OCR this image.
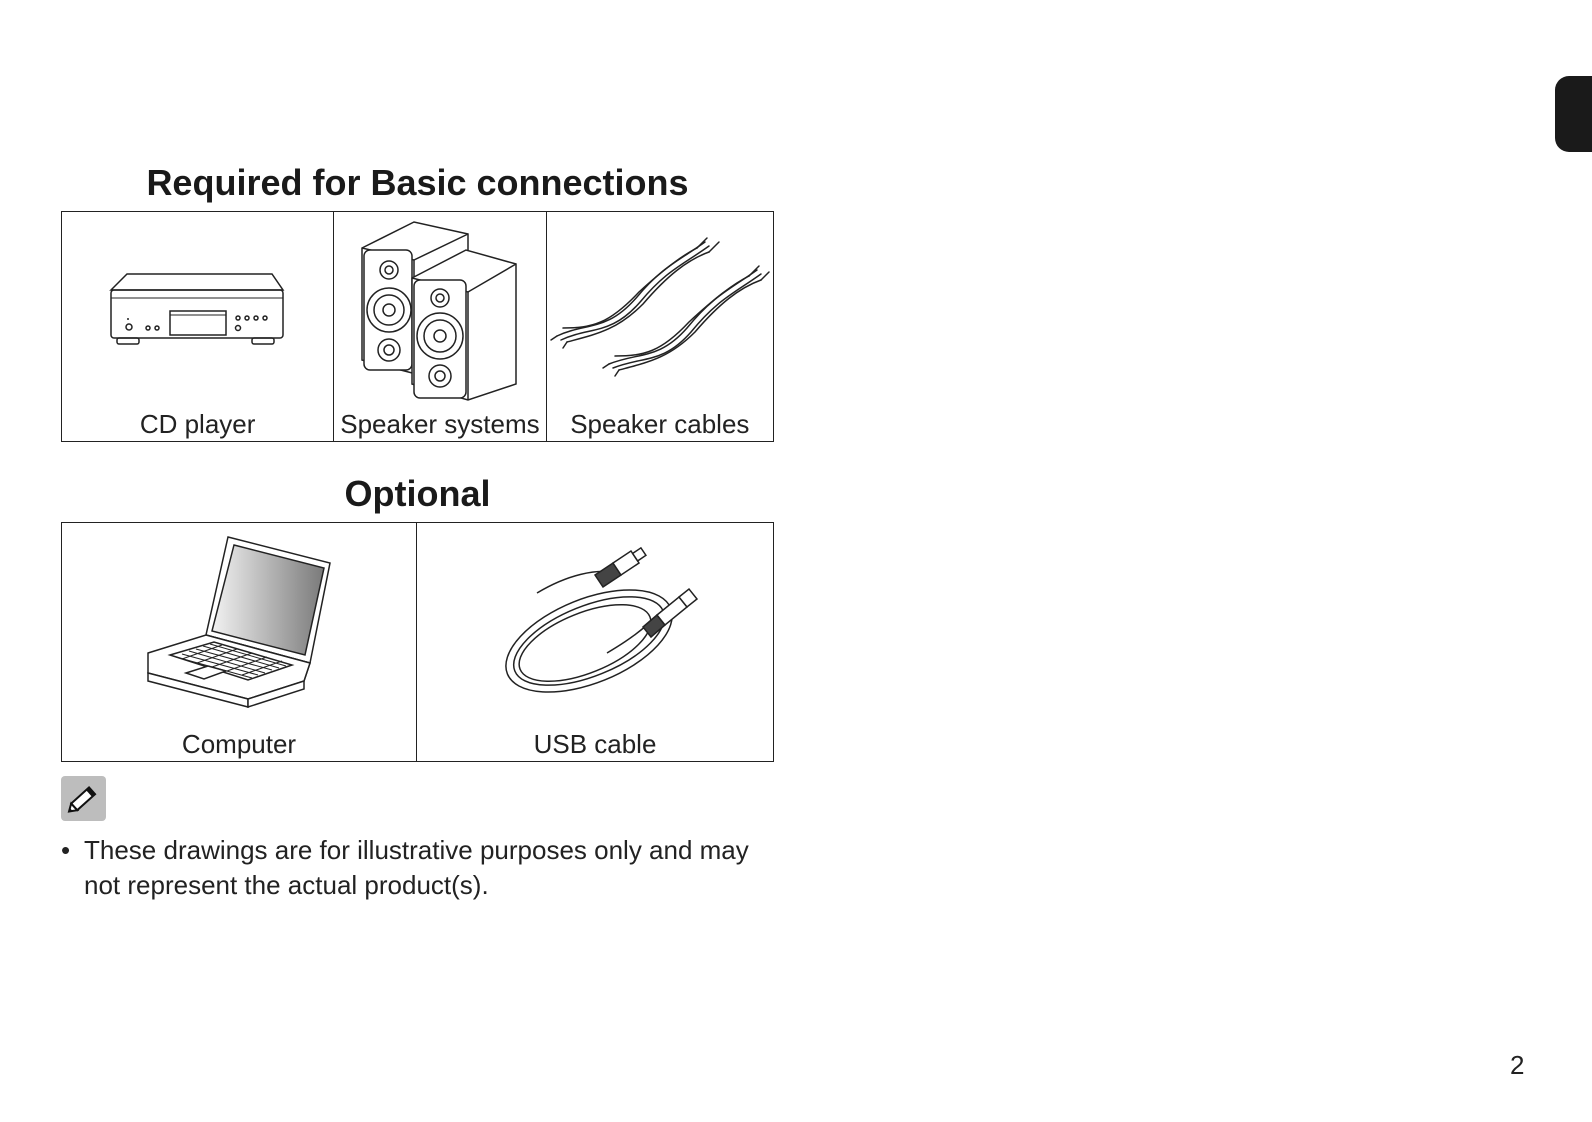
Required for Basic connections
CD player	Speaker systems	Speaker cables
Optional
Computer	USB cable
• These drawings are for illustrative purposes only and may not represent the actual product(s).
2
